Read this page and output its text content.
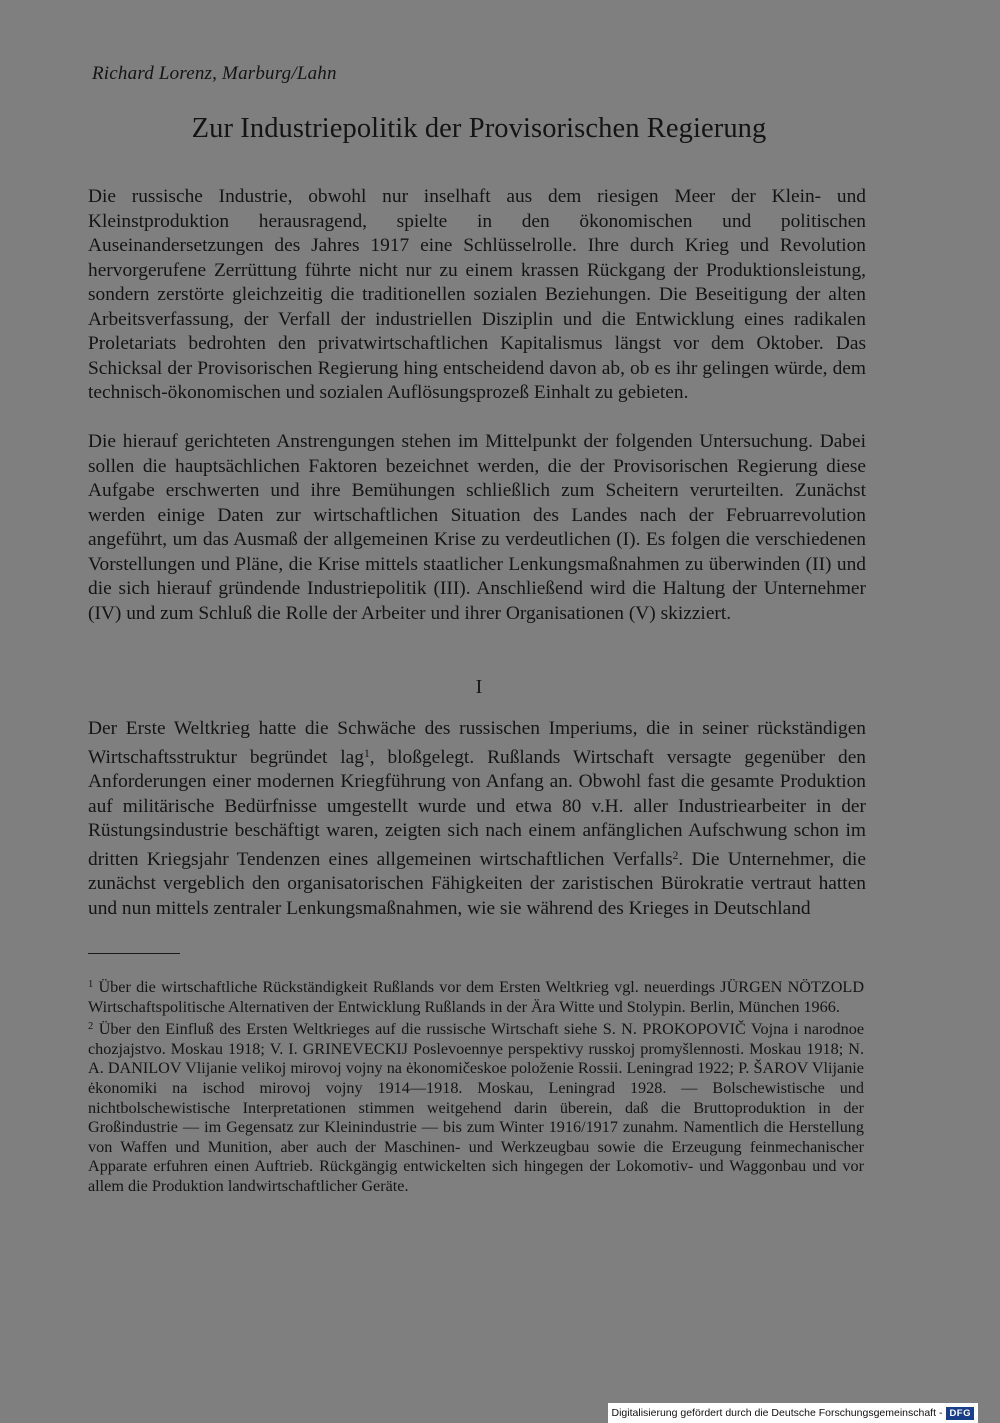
Richard Lorenz, Marburg/Lahn
Zur Industriepolitik der Provisorischen Regierung

Die russische Industrie, obwohl nur inselhaft aus dem riesigen Meer der Klein- und Kleinstproduktion herausragend, spielte in den ökonomischen und politischen Auseinandersetzungen des Jahres 1917 eine Schlüsselrolle. Ihre durch Krieg und Revolution hervorgerufene Zerrüttung führte nicht nur zu einem krassen Rückgang der Produktionsleistung, sondern zerstörte gleichzeitig die traditionellen sozialen Beziehungen. Die Beseitigung der alten Arbeitsverfassung, der Verfall der industriellen Disziplin und die Entwicklung eines radikalen Proletariats bedrohten den privatwirtschaftlichen Kapitalismus längst vor dem Oktober. Das Schicksal der Provisorischen Regierung hing entscheidend davon ab, ob es ihr gelingen würde, dem technisch-ökonomischen und sozialen Auflösungsprozeß Einhalt zu gebieten.

Die hierauf gerichteten Anstrengungen stehen im Mittelpunkt der folgenden Untersuchung. Dabei sollen die hauptsächlichen Faktoren bezeichnet werden, die der Provisorischen Regierung diese Aufgabe erschwerten und ihre Bemühungen schließlich zum Scheitern verurteilten. Zunächst werden einige Daten zur wirtschaftlichen Situation des Landes nach der Februarrevolution angeführt, um das Ausmaß der allgemeinen Krise zu verdeutlichen (I). Es folgen die verschiedenen Vorstellungen und Pläne, die Krise mittels staatlicher Lenkungsmaßnahmen zu überwinden (II) und die sich hierauf gründende Industriepolitik (III). Anschließend wird die Haltung der Unternehmer (IV) und zum Schluß die Rolle der Arbeiter und ihrer Organisationen (V) skizziert.

I

Der Erste Weltkrieg hatte die Schwäche des russischen Imperiums, die in seiner rückständigen Wirtschaftsstruktur begründet lag$^1$, bloßgelegt. Rußlands Wirtschaft versagte gegenüber den Anforderungen einer modernen Kriegführung von Anfang an. Obwohl fast die gesamte Produktion auf militärische Bedürfnisse umgestellt wurde und etwa 80 v.H. aller Industriearbeiter in der Rüstungsindustrie beschäftigt waren, zeigten sich nach einem anfänglichen Aufschwung schon im dritten Kriegsjahr Tendenzen eines allgemeinen wirtschaftlichen Verfalls$^2$. Die Unternehmer, die zunächst vergeblich den organisatorischen Fähigkeiten der zaristischen Bürokratie vertraut hatten und nun mittels zentraler Lenkungsmaßnahmen, wie sie während des Krieges in Deutschland

$^1$ Über die wirtschaftliche Rückständigkeit Rußlands vor dem Ersten Weltkrieg vgl. neuerdings JÜRGEN NÖTZOLD Wirtschaftspolitische Alternativen der Entwicklung Rußlands in der Ära Witte und Stolypin. Berlin, München 1966.

$^2$ Über den Einfluß des Ersten Weltkrieges auf die russische Wirtschaft siehe S. N. PROKOPOVIČ Vojna i narodnoe chozjajstvo. Moskau 1918; V. I. GRINEVECKIJ Poslevoennye perspektivy russkoj promyšlennosti. Moskau 1918; N. A. DANILOV Vlijanie velikoj mirovoj vojny na ėkonomičeskoe položenie Rossii. Leningrad 1922; P. ŠAROV Vlijanie ėkonomiki na ischod mirovoj vojny 1914—1918. Moskau, Leningrad 1928. — Bolschewistische und nichtbolschewistische Interpretationen stimmen weitgehend darin überein, daß die Bruttoproduktion in der Großindustrie — im Gegensatz zur Kleinindustrie — bis zum Winter 1916/1917 zunahm. Namentlich die Herstellung von Waffen und Munition, aber auch der Maschinen- und Werkzeugbau sowie die Erzeugung feinmechanischer Apparate erfuhren einen Auftrieb. Rückgängig entwickelten sich hingegen der Lokomotiv- und Waggonbau und vor allem die Produktion landwirtschaftlicher Geräte.

Digitalisierung gefördert durch die Deutsche Forschungsgemeinschaft - DFG
